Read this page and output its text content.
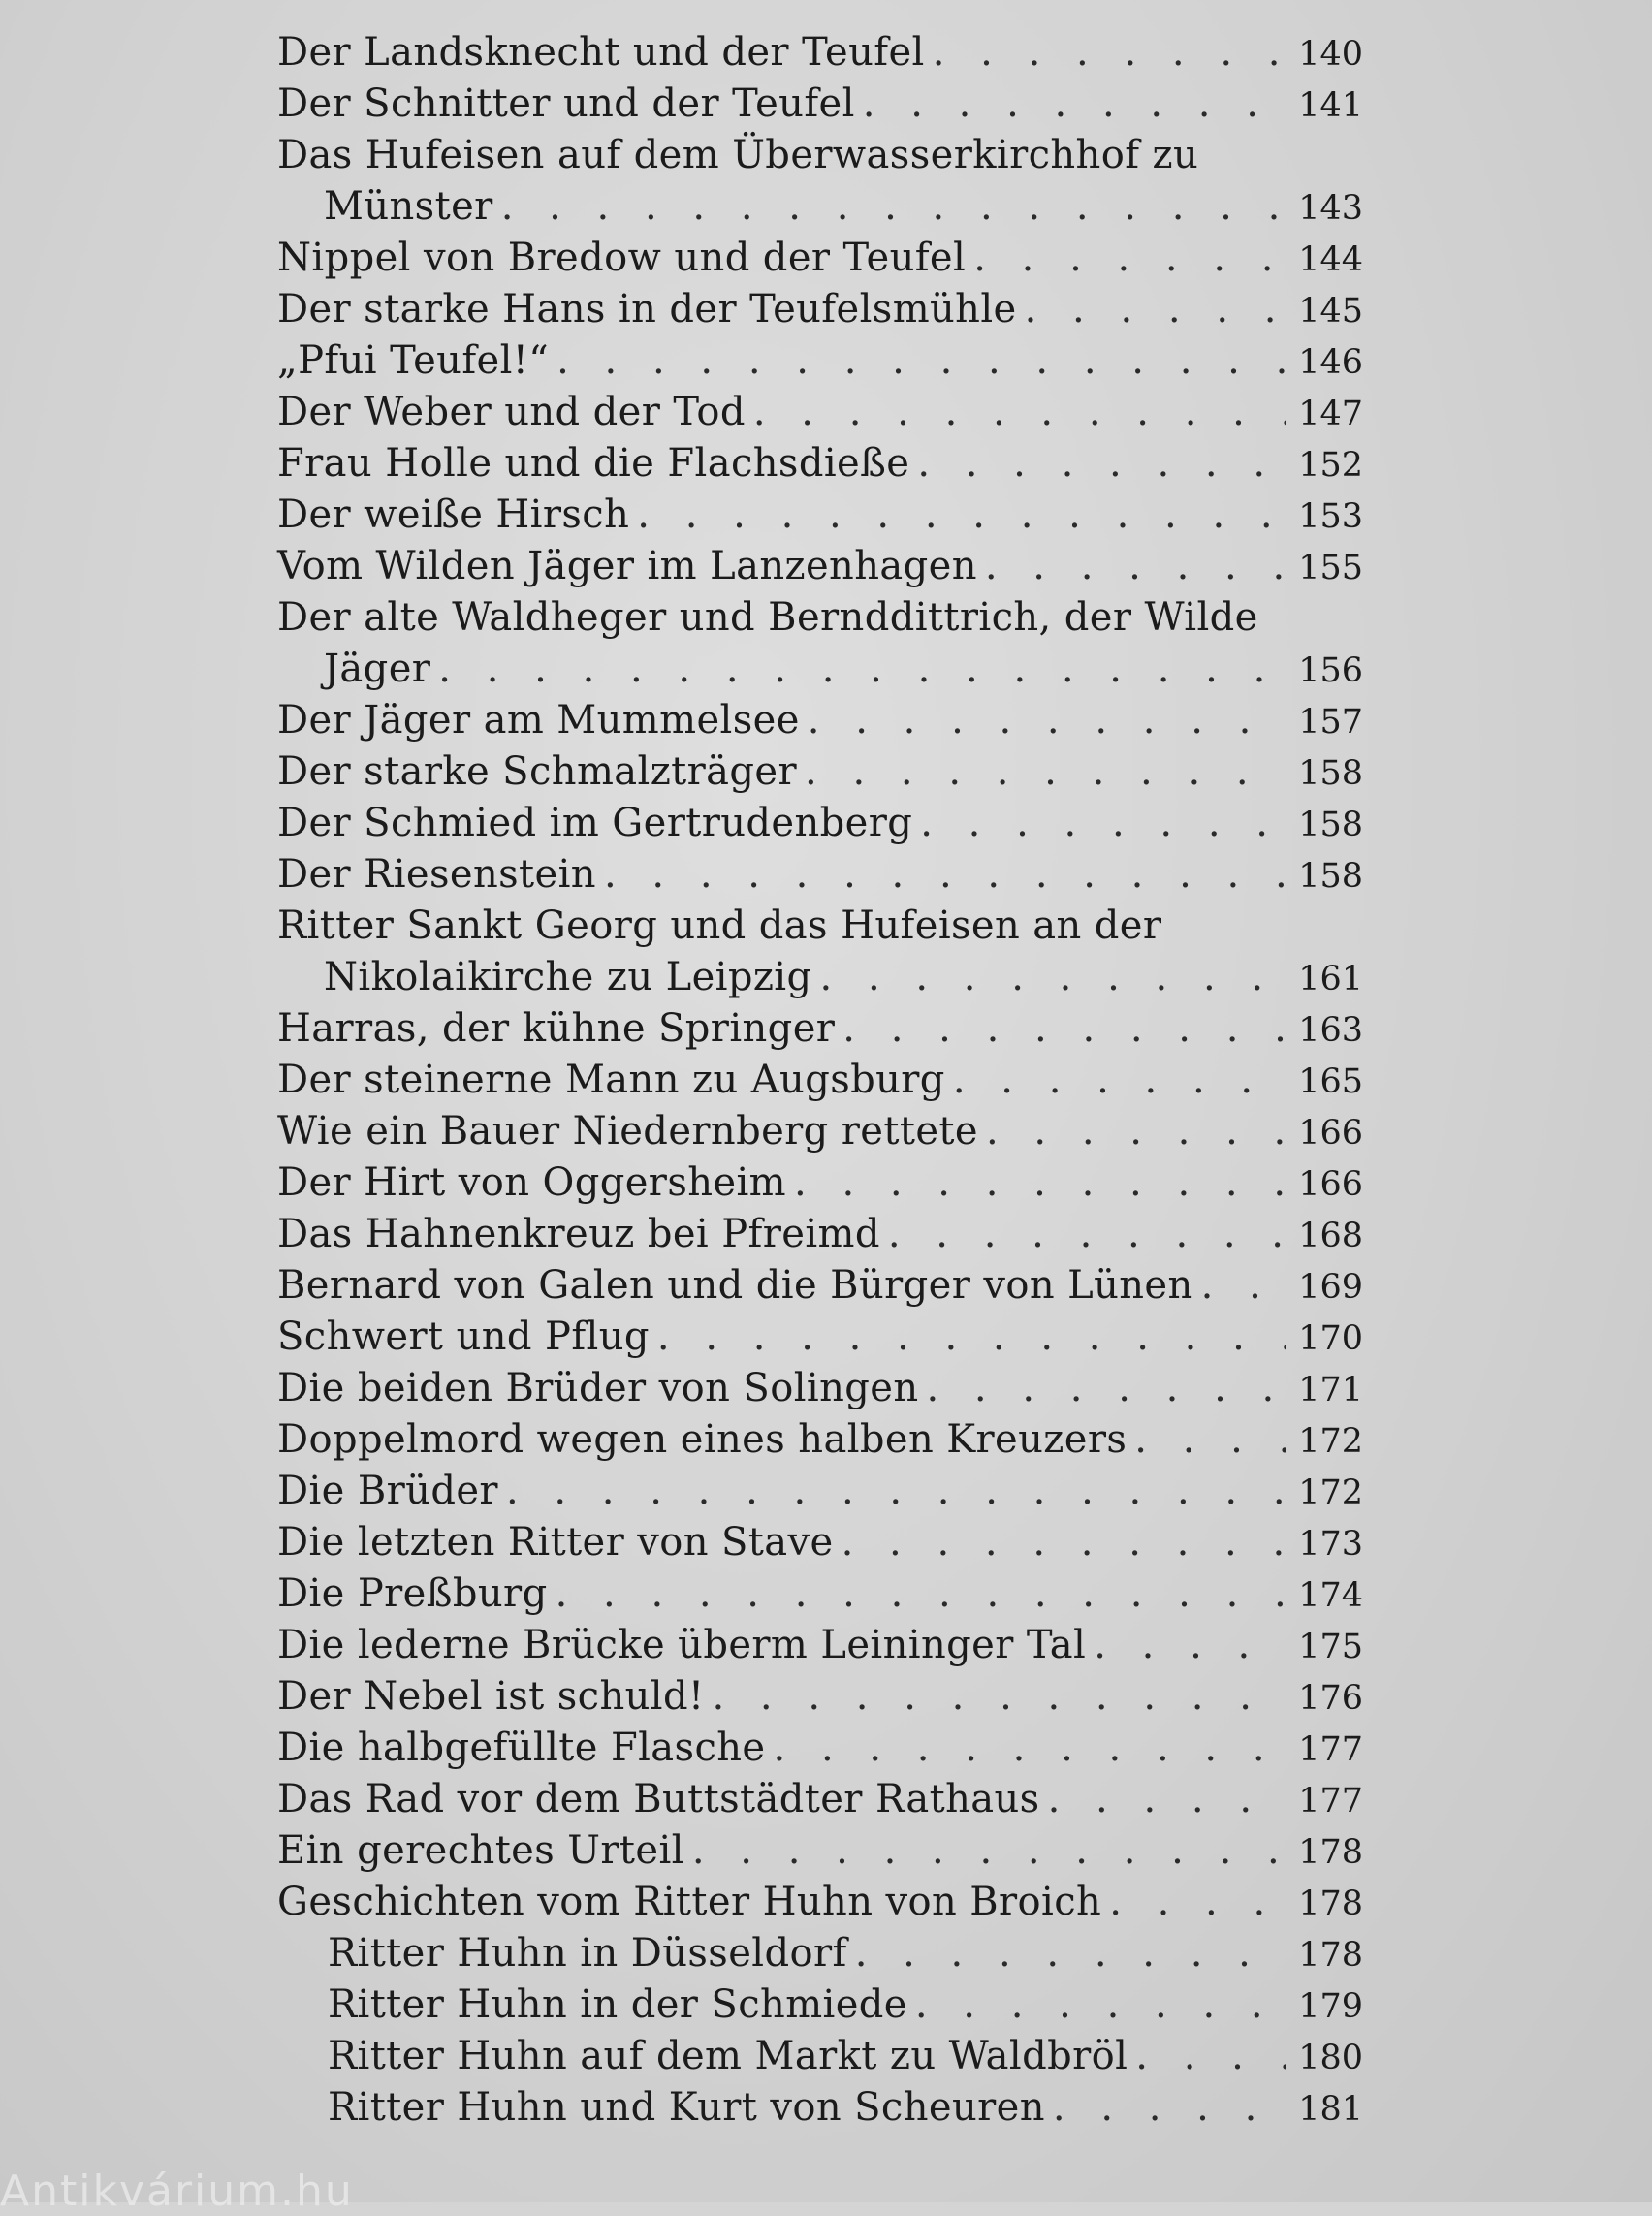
Der Landsknecht und der Teufel . . .	140
Der Schnitter und der Teufel . . .	141
Das Hufeisen auf dem Überwasserkirchhof zu
Münster . . .	143
Nippel von Bredow und der Teufel . . .	144
Der starke Hans in der Teufelsmühle . . .	145
„Pfui Teufel!“ . . .	146
Der Weber und der Tod . . .	147
Frau Holle und die Flachsdieße . . .	152
Der weiße Hirsch . . .	153
Vom Wilden Jäger im Lanzenhagen . . .	155
Der alte Waldheger und Bernddittrich, der Wilde
Jäger . . .	156
Der Jäger am Mummelsee . . .	157
Der starke Schmalzträger . . .	158
Der Schmied im Gertrudenberg . . .	158
Der Riesenstein . . .	158
Ritter Sankt Georg und das Hufeisen an der
Nikolaikirche zu Leipzig . . .	161
Harras, der kühne Springer . . .	163
Der steinerne Mann zu Augsburg . . .	165
Wie ein Bauer Niedernberg rettete . . .	166
Der Hirt von Oggersheim . . .	166
Das Hahnenkreuz bei Pfreimd . . .	168
Bernard von Galen und die Bürger von Lünen . . .	169
Schwert und Pflug . . .	170
Die beiden Brüder von Solingen . . .	171
Doppelmord wegen eines halben Kreuzers . . .	172
Die Brüder . . .	172
Die letzten Ritter von Stave . . .	173
Die Preßburg . . .	174
Die lederne Brücke überm Leininger Tal . . .	175
Der Nebel ist schuld! . . .	176
Die halbgefüllte Flasche . . .	177
Das Rad vor dem Buttstädter Rathaus . . .	177
Ein gerechtes Urteil . . .	178
Geschichten vom Ritter Huhn von Broich . . .	178
Ritter Huhn in Düsseldorf . . .	178
Ritter Huhn in der Schmiede . . .	179
Ritter Huhn auf dem Markt zu Waldbröl . . .	180
Ritter Huhn und Kurt von Scheuren . . .	181
Antikvárium.hu
